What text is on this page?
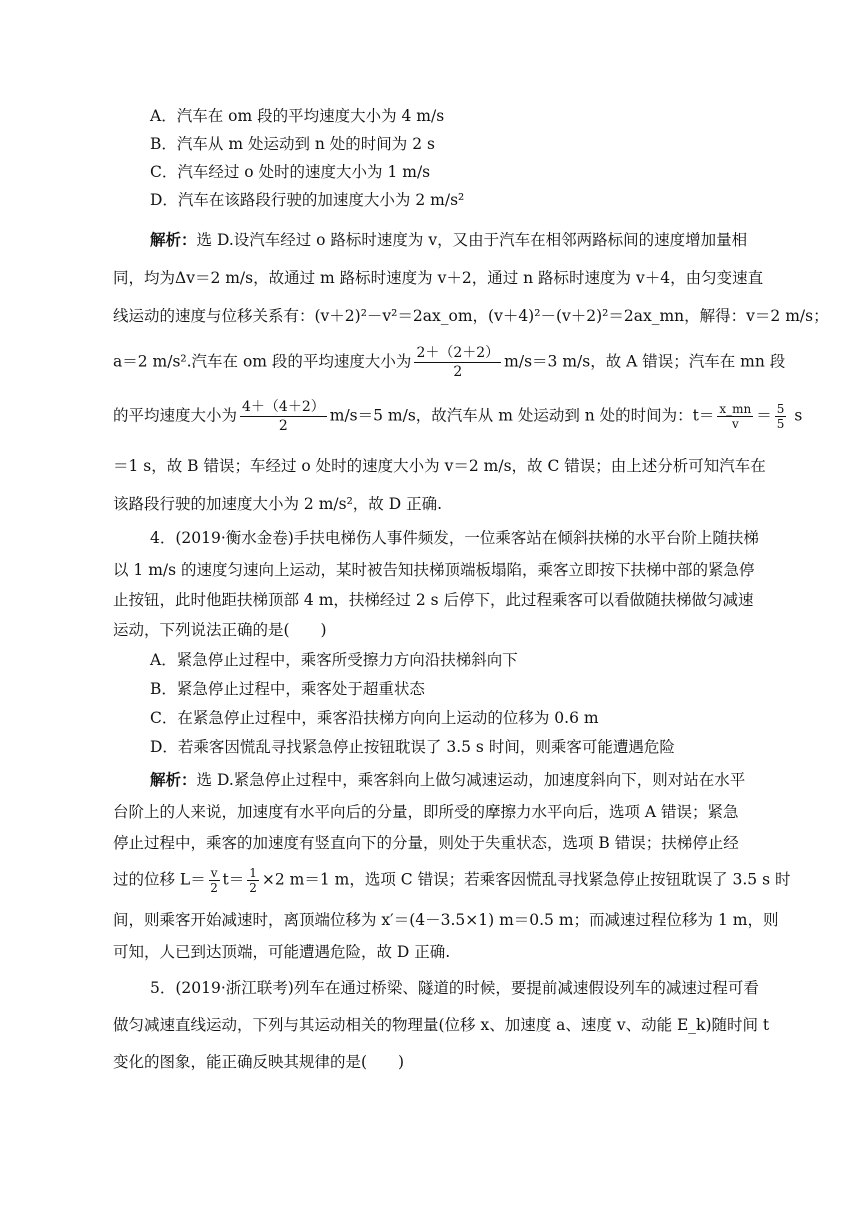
A．汽车在 om 段的平均速度大小为 4 m/s
B．汽车从 m 处运动到 n 处的时间为 2 s
C．汽车经过 o 处时的速度大小为 1 m/s
D．汽车在该路段行驶的加速度大小为 2 m/s²
解析：选 D.设汽车经过 o 路标时速度为 v，又由于汽车在相邻两路标间的速度增加量相
同，均为Δv＝2 m/s，故通过 m 路标时速度为 v＋2，通过 n 路标时速度为 v＋4，由匀变速直
线运动的速度与位移关系有：(v＋2)²－v²＝2ax_om，(v＋4)²－(v＋2)²＝2ax_mn，解得：v＝2 m/s；
a＝2 m/s².汽车在 om 段的平均速度大小为 $\frac{2+(2+2)}{2} m/s=3$ m/s，故 A 错误；汽车在 mn 段
的平均速度大小为 $\frac{4+(4+2)}{2} m/s=5$ m/s，故汽车从 m 处运动到 n 处的时间为：$t= \frac{x\_mn}{v} = \frac{5}{5}$ s
＝1 s，故 B 错误；车经过 o 处时的速度大小为 v＝2 m/s，故 C 错误；由上述分析可知汽车在
该路段行驶的加速度大小为 2 m/s²，故 D 正确.
4．(2019·衡水金卷)手扶电梯伤人事件频发，一位乘客站在倾斜扶梯的水平台阶上随扶梯
以 1 m/s 的速度匀速向上运动，某时被告知扶梯顶端板塌陷，乘客立即按下扶梯中部的紧急停
止按钮，此时他距扶梯顶部 4 m，扶梯经过 2 s 后停下，此过程乘客可以看做随扶梯做匀减速
运动，下列说法正确的是(　　)
A．紧急停止过程中，乘客所受擦力方向沿扶梯斜向下
B．紧急停止过程中，乘客处于超重状态
C．在紧急停止过程中，乘客沿扶梯方向向上运动的位移为 0.6 m
D．若乘客因慌乱寻找紧急停止按钮耽误了 3.5 s 时间，则乘客可能遭遇危险
解析：选 D.紧急停止过程中，乘客斜向上做匀减速运动，加速度斜向下，则对站在水平
台阶上的人来说，加速度有水平向后的分量，即所受的摩擦力水平向后，选项 A 错误；紧急
停止过程中，乘客的加速度有竖直向下的分量，则处于失重状态，选项 B 错误；扶梯停止经
过的位移 $L= \frac{v}{2} t= \frac{1}{2} \times 2$ m＝1 m，选项 C 错误；若乘客因慌乱寻找紧急停止按钮耽误了 3.5 s 时
间，则乘客开始减速时，离顶端位移为 x′＝(4－3.5×1) m＝0.5 m；而减速过程位移为 1 m，则
可知，人已到达顶端，可能遭遇危险，故 D 正确.
5．(2019·浙江联考)列车在通过桥梁、隧道的时候，要提前减速假设列车的减速过程可看
做匀减速直线运动，下列与其运动相关的物理量(位移 x、加速度 a、速度 v、动能 E_k)随时间 t
变化的图象，能正确反映其规律的是(　　)
